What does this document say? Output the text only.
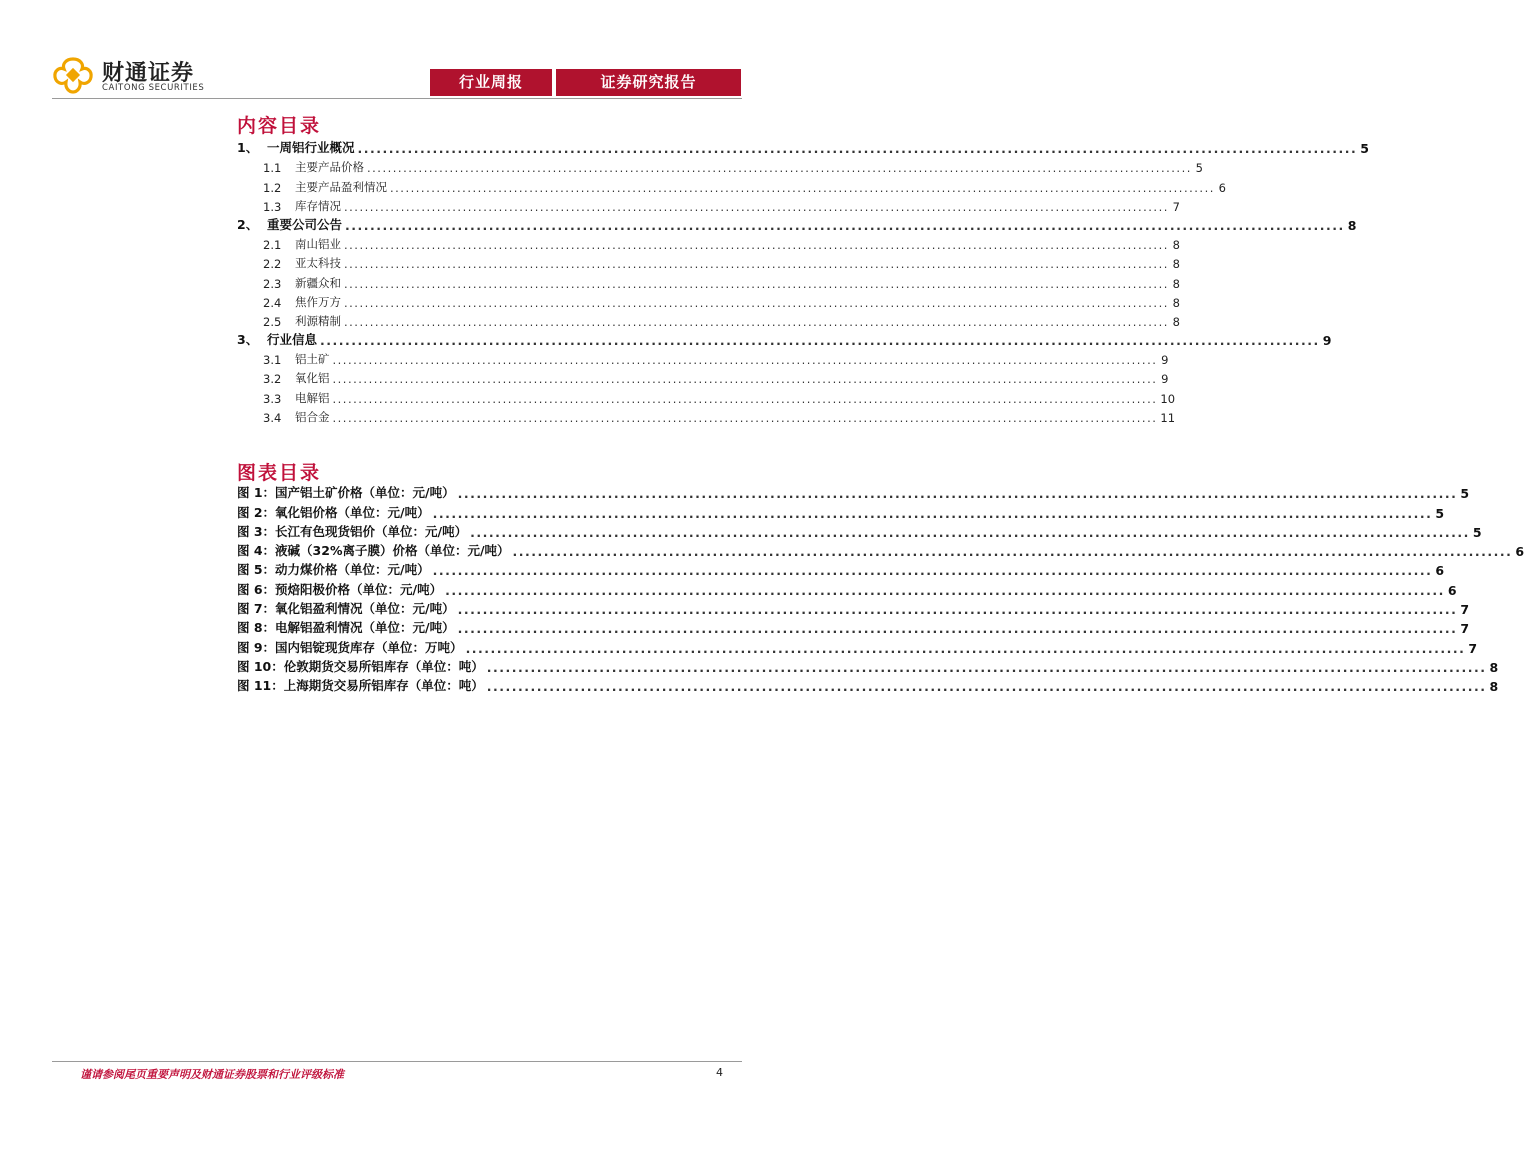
财通证券
CAITONG SECURITIES	行业周报	证券研究报告
内容目录
1、 一周铝行业概况 ................................................................................................................................................................ 5
1.1	主要产品价格 ................................................................................................................................................................ 5
1.2	主要产品盈利情况 ................................................................................................................................................................ 6
1.3	库存情况 ................................................................................................................................................................ 7
2、 重要公司公告 ................................................................................................................................................................ 8
2.1	南山铝业 ................................................................................................................................................................ 8
2.2	亚太科技 ................................................................................................................................................................ 8
2.3	新疆众和 ................................................................................................................................................................ 8
2.4	焦作万方 ................................................................................................................................................................ 8
2.5	利源精制 ................................................................................................................................................................ 8
3、 行业信息 ................................................................................................................................................................ 9
3.1	铝土矿 ................................................................................................................................................................ 9
3.2	氧化铝 ................................................................................................................................................................ 9
3.3	电解铝 ................................................................................................................................................................ 10
3.4	铝合金 ................................................................................................................................................................ 11
图表目录
图 1：国产铝土矿价格（单位：元/吨） ................................................................................................................................................................ 5
图 2：氧化铝价格（单位：元/吨） ................................................................................................................................................................ 5
图 3：长江有色现货铝价（单位：元/吨） ................................................................................................................................................................ 5
图 4：液碱（32%离子膜）价格（单位：元/吨） ................................................................................................................................................................ 6
图 5：动力煤价格（单位：元/吨） ................................................................................................................................................................ 6
图 6：预焙阳极价格（单位：元/吨） ................................................................................................................................................................ 6
图 7：氧化铝盈利情况（单位：元/吨） ................................................................................................................................................................ 7
图 8：电解铝盈利情况（单位：元/吨） ................................................................................................................................................................ 7
图 9：国内铝锭现货库存（单位：万吨） ................................................................................................................................................................ 7
图 10：伦敦期货交易所铝库存（单位：吨） ................................................................................................................................................................ 8
图 11：上海期货交易所铝库存（单位：吨） ................................................................................................................................................................ 8
谨请参阅尾页重要声明及财通证券股票和行业评级标准	4
